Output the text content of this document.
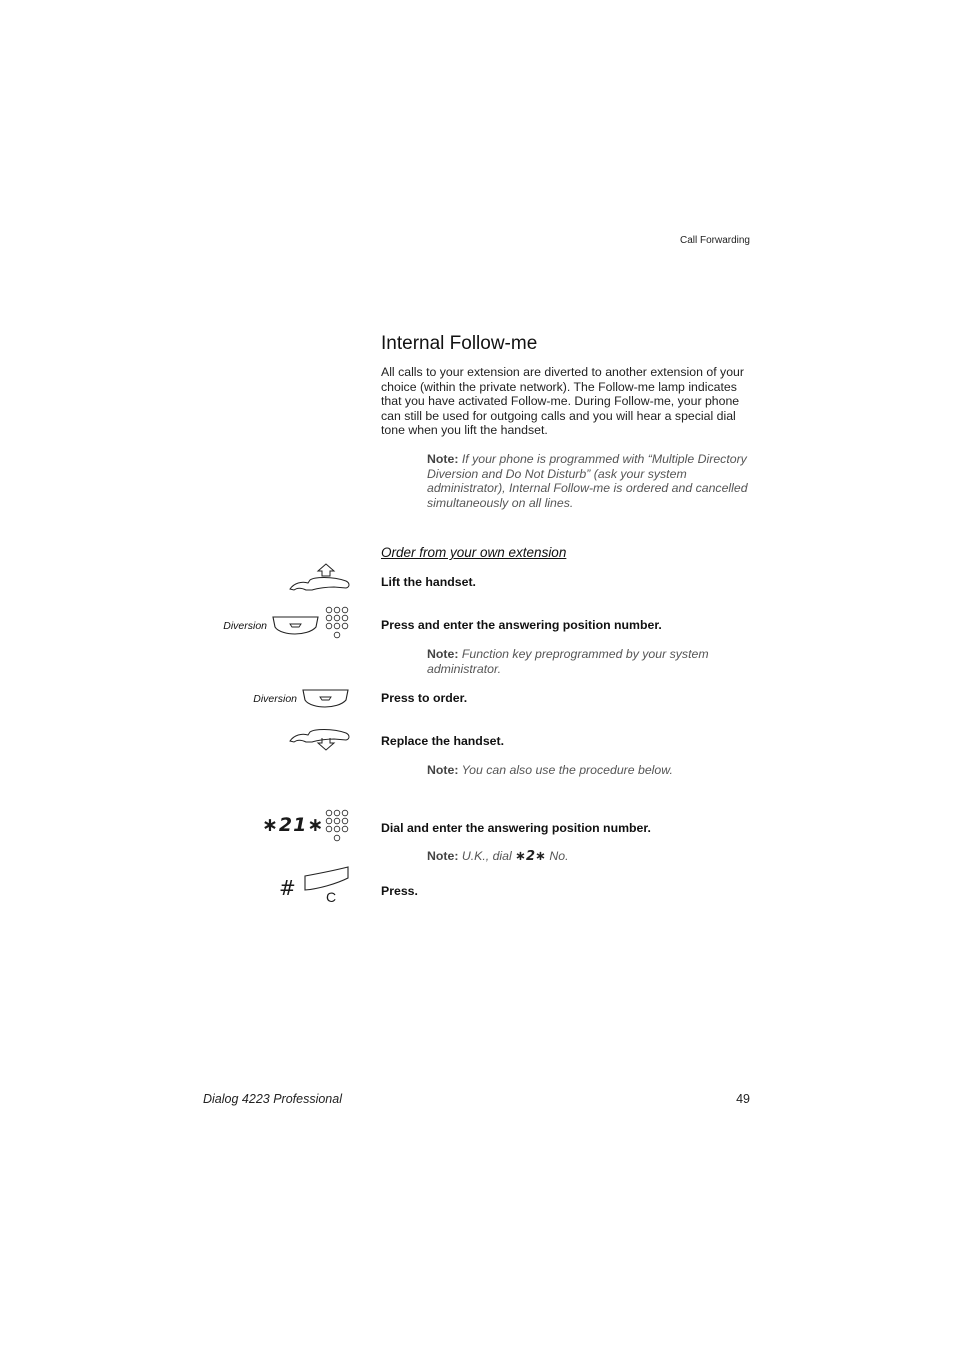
Call Forwarding
Internal Follow-me
All calls to your extension are diverted to another extension of your choice (within the private network). The Follow-me lamp indicates that you have activated Follow-me. During Follow-me, your phone can still be used for outgoing calls and you will hear a special dial tone when you lift the handset.
Note: If your phone is programmed with “Multiple Directory Diversion and Do Not Disturb” (ask your system administrator), Internal Follow-me is ordered and cancelled simultaneously on all lines.
Order from your own extension
Lift the handset.
Diversion	Press and enter the answering position number.
Note: Function key preprogrammed by your system administrator.
Diversion	Press to order.
Replace the handset.
Note: You can also use the procedure below.
∗21∗	Dial and enter the answering position number.
Note: U.K., dial ∗2∗ No.
# C	Press.
Dialog 4223 Professional	49
